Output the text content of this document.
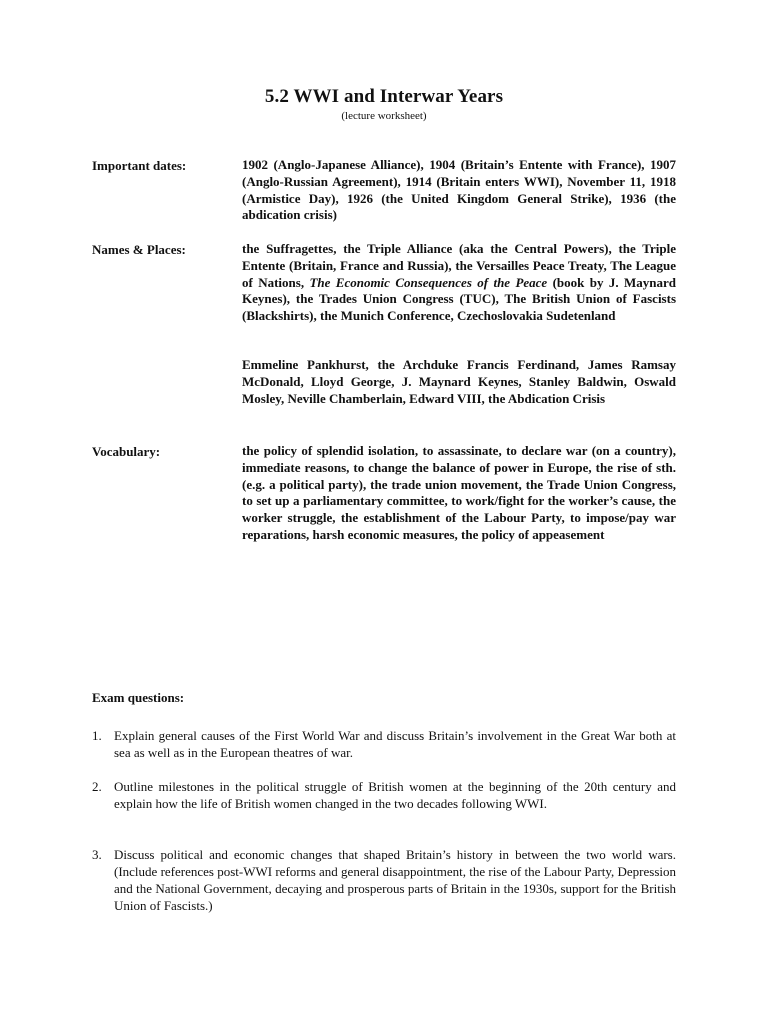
5.2 WWI and Interwar Years
(lecture worksheet)
Important dates:	1902 (Anglo-Japanese Alliance), 1904 (Britain’s Entente with France), 1907 (Anglo-Russian Agreement), 1914 (Britain enters WWI), November 11, 1918 (Armistice Day), 1926 (the United Kingdom General Strike), 1936 (the abdication crisis)
Names & Places:	the Suffragettes, the Triple Alliance (aka the Central Powers), the Triple Entente (Britain, France and Russia), the Versailles Peace Treaty, The League of Nations, The Economic Consequences of the Peace (book by J. Maynard Keynes), the Trades Union Congress (TUC), The British Union of Fascists (Blackshirts), the Munich Conference, Czechoslovakia Sudetenland
Emmeline Pankhurst, the Archduke Francis Ferdinand, James Ramsay McDonald, Lloyd George, J. Maynard Keynes, Stanley Baldwin, Oswald Mosley, Neville Chamberlain, Edward VIII, the Abdication Crisis
Vocabulary:	the policy of splendid isolation, to assassinate, to declare war (on a country), immediate reasons, to change the balance of power in Europe, the rise of sth. (e.g. a political party), the trade union movement, the Trade Union Congress, to set up a parliamentary committee, to work/fight for the worker’s cause, the worker struggle, the establishment of the Labour Party, to impose/pay war reparations, harsh economic measures, the policy of appeasement
Exam questions:
1. Explain general causes of the First World War and discuss Britain’s involvement in the Great War both at sea as well as in the European theatres of war.
2. Outline milestones in the political struggle of British women at the beginning of the 20th century and explain how the life of British women changed in the two decades following WWI.
3. Discuss political and economic changes that shaped Britain’s history in between the two world wars. (Include references post-WWI reforms and general disappointment, the rise of the Labour Party, Depression and the National Government, decaying and prosperous parts of Britain in the 1930s, support for the British Union of Fascists.)
